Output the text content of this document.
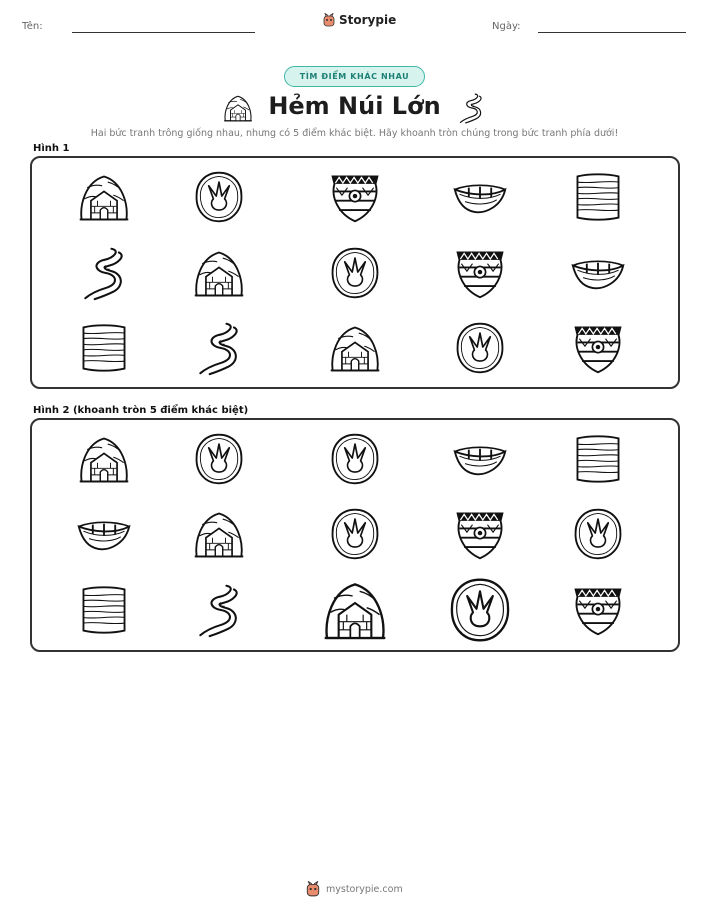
Tên:	Storypie	Ngày:
TÌM ĐIỂM KHÁC NHAU
Hẻm Núi Lớn
Hai bức tranh trông giống nhau, nhưng có 5 điểm khác biệt. Hãy khoanh tròn chúng trong bức tranh phía dưới!
Hình 1
Hình 2 (khoanh tròn 5 điểm khác biệt)
mystorypie.com
